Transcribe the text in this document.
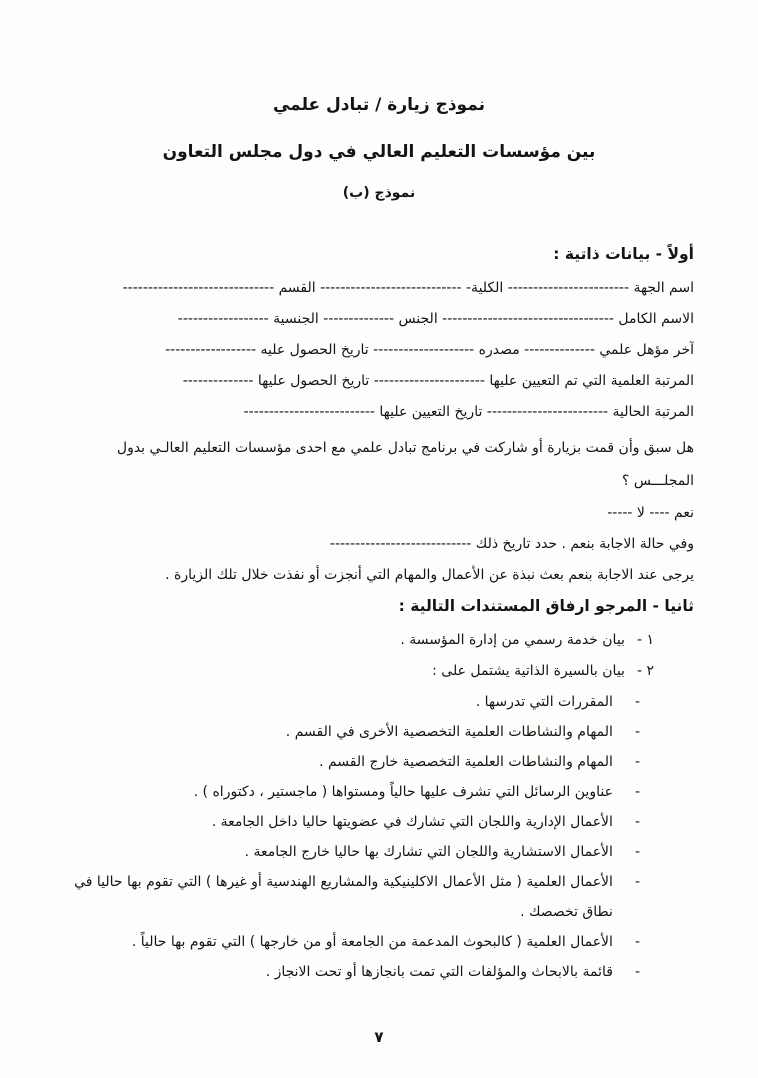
نموذج زيارة / تبادل علمي
بين مؤسسات التعليم العالي في دول مجلس التعاون
نموذج (ب)
أولاً - بيانات ذاتية :

اسم الجهة ------------------------ الكلية- ---------------------------- القسم ------------------------------

الاسم الكامل ---------------------------------- الجنس -------------- الجنسية ------------------

آخر مؤهل علمي -------------- مصدره -------------------- تاريخ الحصول عليه ------------------

المرتبة العلمية التي تم التعيين عليها ---------------------- تاريخ الحصول عليها --------------

المرتبة الحالية ------------------------ تاريخ التعيين عليها --------------------------

هل سبق وأن قمت بزيارة أو شاركت في برنامج تبادل علمي مع احدى مؤسسات التعليم العالـي بدول المجلـــس ؟

نعم ---- لا -----

وفي حالة الاجابة بنعم . حدد تاريخ ذلك ----------------------------

يرجى عند الاجابة بنعم بعث نبذة عن الأعمال والمهام التي أنجزت أو نفذت خلال تلك الزيارة .

ثانيا - المرجو ارفاق المستندات التالية :
١ -
بيان خدمة رسمي من إدارة المؤسسة .
٢ -
بيان بالسيرة الذاتية يشتمل على :
-
المقررات التي تدرسها .
-
المهام والنشاطات العلمية التخصصية الأخرى في القسم .
-
المهام والنشاطات العلمية التخصصية خارج القسم .
-
عناوين الرسائل التي تشرف عليها حالياً ومستواها ( ماجستير ، دكتوراه ) .
-
الأعمال الإدارية واللجان التي تشارك في عضويتها حاليا داخل الجامعة .
-
الأعمال الاستشارية واللجان التي تشارك بها حاليا خارج الجامعة .
-
الأعمال العلمية ( مثل الأعمال الاكلينيكية والمشاريع الهندسية أو غيرها ) التي تقوم بها حاليا في نطاق تخصصك .
-
الأعمال العلمية ( كالبحوث المدعمة من الجامعة أو من خارجها ) التي تقوم بها حالياً .
-
قائمة بالابحاث والمؤلفات التي تمت بانجازها أو تحت الانجاز .
٧
